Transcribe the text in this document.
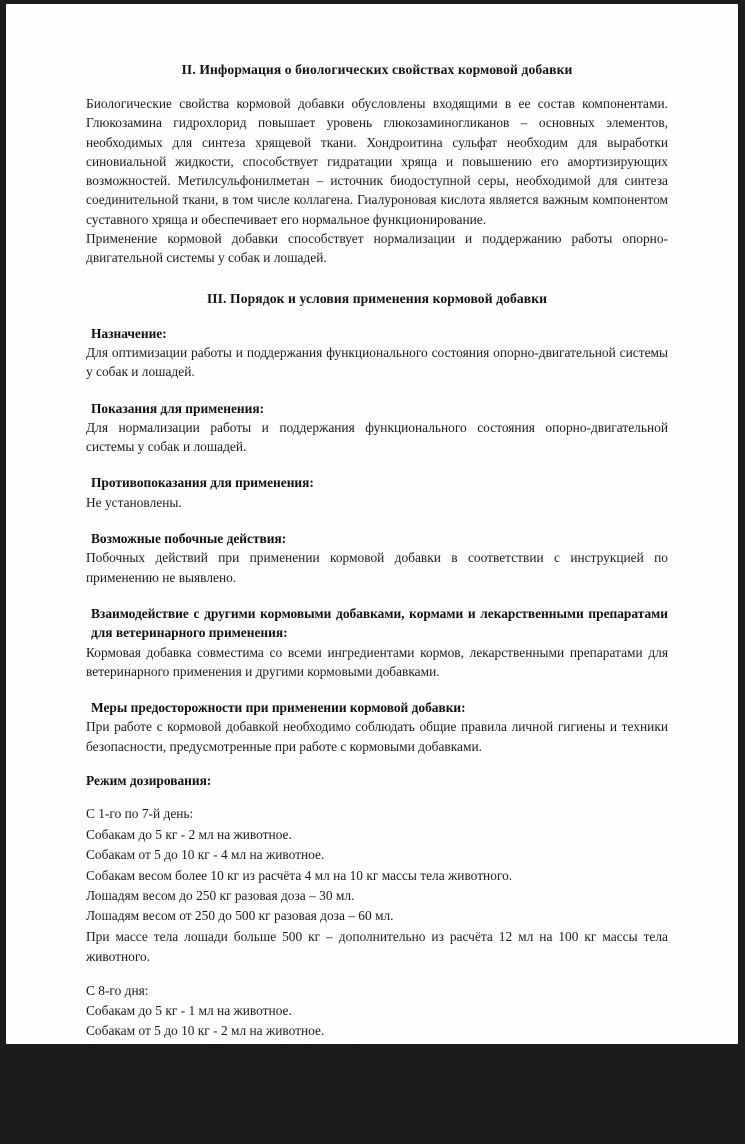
II. Информация о биологических свойствах кормовой добавки

Биологические свойства кормовой добавки обусловлены входящими в ее состав компонентами. Глюкозамина гидрохлорид повышает уровень глюкозаминогликанов – основных элементов, необходимых для синтеза хрящевой ткани. Хондроитина сульфат необходим для выработки синовиальной жидкости, способствует гидратации хряща и повышению его амортизирующих возможностей. Метилсульфонилметан – источник биодоступной серы, необходимой для синтеза соединительной ткани, в том числе коллагена. Гиалуроновая кислота является важным компонентом суставного хряща и обеспечивает его нормальное функционирование.

Применение кормовой добавки способствует нормализации и поддержанию работы опорно-двигательной системы у собак и лошадей.

III. Порядок и условия применения кормовой добавки

Назначение:

Для оптимизации работы и поддержания функционального состояния опорно-двигательной системы у собак и лошадей.

Показания для применения:

Для нормализации работы и поддержания функционального состояния опорно-двигательной системы у собак и лошадей.

Противопоказания для применения:

Не установлены.

Возможные побочные действия:

Побочных действий при применении кормовой добавки в соответствии с инструкцией по применению не выявлено.

Взаимодействие с другими кормовыми добавками, кормами и лекарственными препаратами для ветеринарного применения:

Кормовая добавка совместима со всеми ингредиентами кормов, лекарственными препаратами для ветеринарного применения и другими кормовыми добавками.

Меры предосторожности при применении кормовой добавки:

При работе с кормовой добавкой необходимо соблюдать общие правила личной гигиены и техники безопасности, предусмотренные при работе с кормовыми добавками.

Режим дозирования:

С 1-го по 7-й день:

Собакам до 5 кг - 2 мл на животное.

Собакам от 5 до 10 кг - 4 мл на животное.

Собакам весом более 10 кг из расчёта 4 мл на 10 кг массы тела животного.

Лошадям весом до 250 кг разовая доза – 30 мл.

Лошадям весом от 250 до 500 кг разовая доза – 60 мл.

При массе тела лошади больше 500 кг – дополнительно из расчёта 12 мл на 100 кг массы тела животного.

С 8-го дня:

Собакам до 5 кг - 1 мл на животное.

Собакам от 5 до 10 кг - 2 мл на животное.

Собакам весом более 10 кг из расчёта 2 мл на 10 кг массы тела животного.

Лошадям весом до 250 кг разовая доза – 15 мл.

Лошадям весом от 250 до 500 кг разовая доза – 30 мл.

При массе тела лошади больше 500 кг – дополнительно из расчёта 6 мл на 100 кг массы тела животного.
